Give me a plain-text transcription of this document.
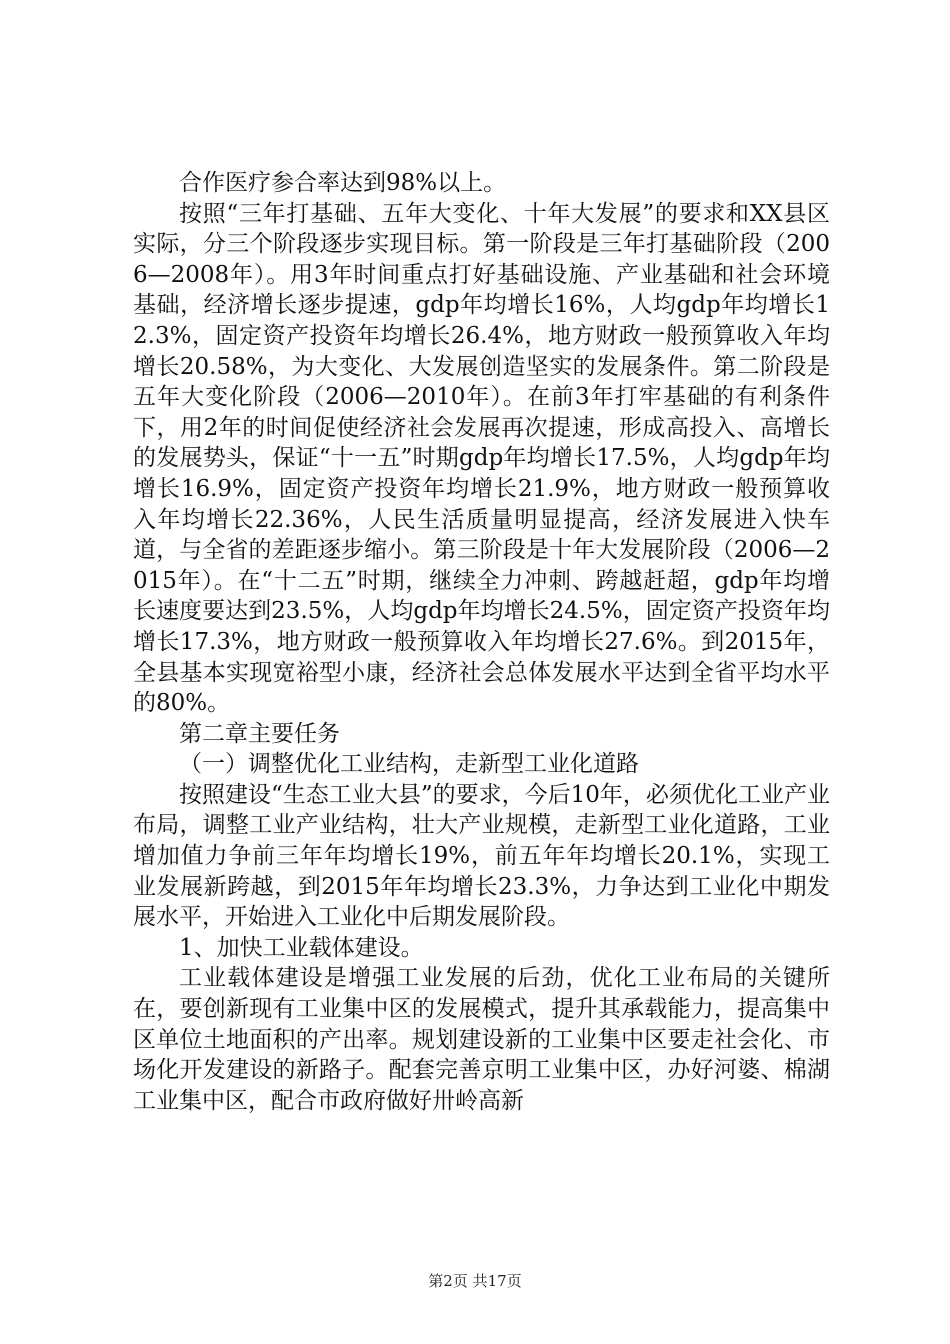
合作医疗参合率达到98%以上。

按照“三年打基础、五年大变化、十年大发展”的要求和XX县区实际，分三个阶段逐步实现目标。第一阶段是三年打基础阶段（2006—2008年）。用3年时间重点打好基础设施、产业基础和社会环境基础，经济增长逐步提速，gdp年均增长16%，人均gdp年均增长12.3%，固定资产投资年均增长26.4%，地方财政一般预算收入年均增长20.58%，为大变化、大发展创造坚实的发展条件。第二阶段是五年大变化阶段（2006—2010年）。在前3年打牢基础的有利条件下，用2年的时间促使经济社会发展再次提速，形成高投入、高增长的发展势头，保证“十一五”时期gdp年均增长17.5%，人均gdp年均增长16.9%，固定资产投资年均增长21.9%，地方财政一般预算收入年均增长22.36%，人民生活质量明显提高，经济发展进入快车道，与全省的差距逐步缩小。第三阶段是十年大发展阶段（2006—2015年）。在“十二五”时期，继续全力冲刺、跨越赶超，gdp年均增长速度要达到23.5%，人均gdp年均增长24.5%，固定资产投资年均增长17.3%，地方财政一般预算收入年均增长27.6%。到2015年，全县基本实现宽裕型小康，经济社会总体发展水平达到全省平均水平的80%。

第二章主要任务

（一）调整优化工业结构，走新型工业化道路

按照建设“生态工业大县”的要求，今后10年，必须优化工业产业布局，调整工业产业结构，壮大产业规模，走新型工业化道路，工业增加值力争前三年年均增长19%，前五年年均增长20.1%，实现工业发展新跨越，到2015年年均增长23.3%，力争达到工业化中期发展水平，开始进入工业化中后期发展阶段。

1、加快工业载体建设。

工业载体建设是增强工业发展的后劲，优化工业布局的关键所在，要创新现有工业集中区的发展模式，提升其承载能力，提高集中区单位土地面积的产出率。规划建设新的工业集中区要走社会化、市场化开发建设的新路子。配套完善京明工业集中区，办好河婆、棉湖工业集中区，配合市政府做好卅岭高新

第2页 共17页
